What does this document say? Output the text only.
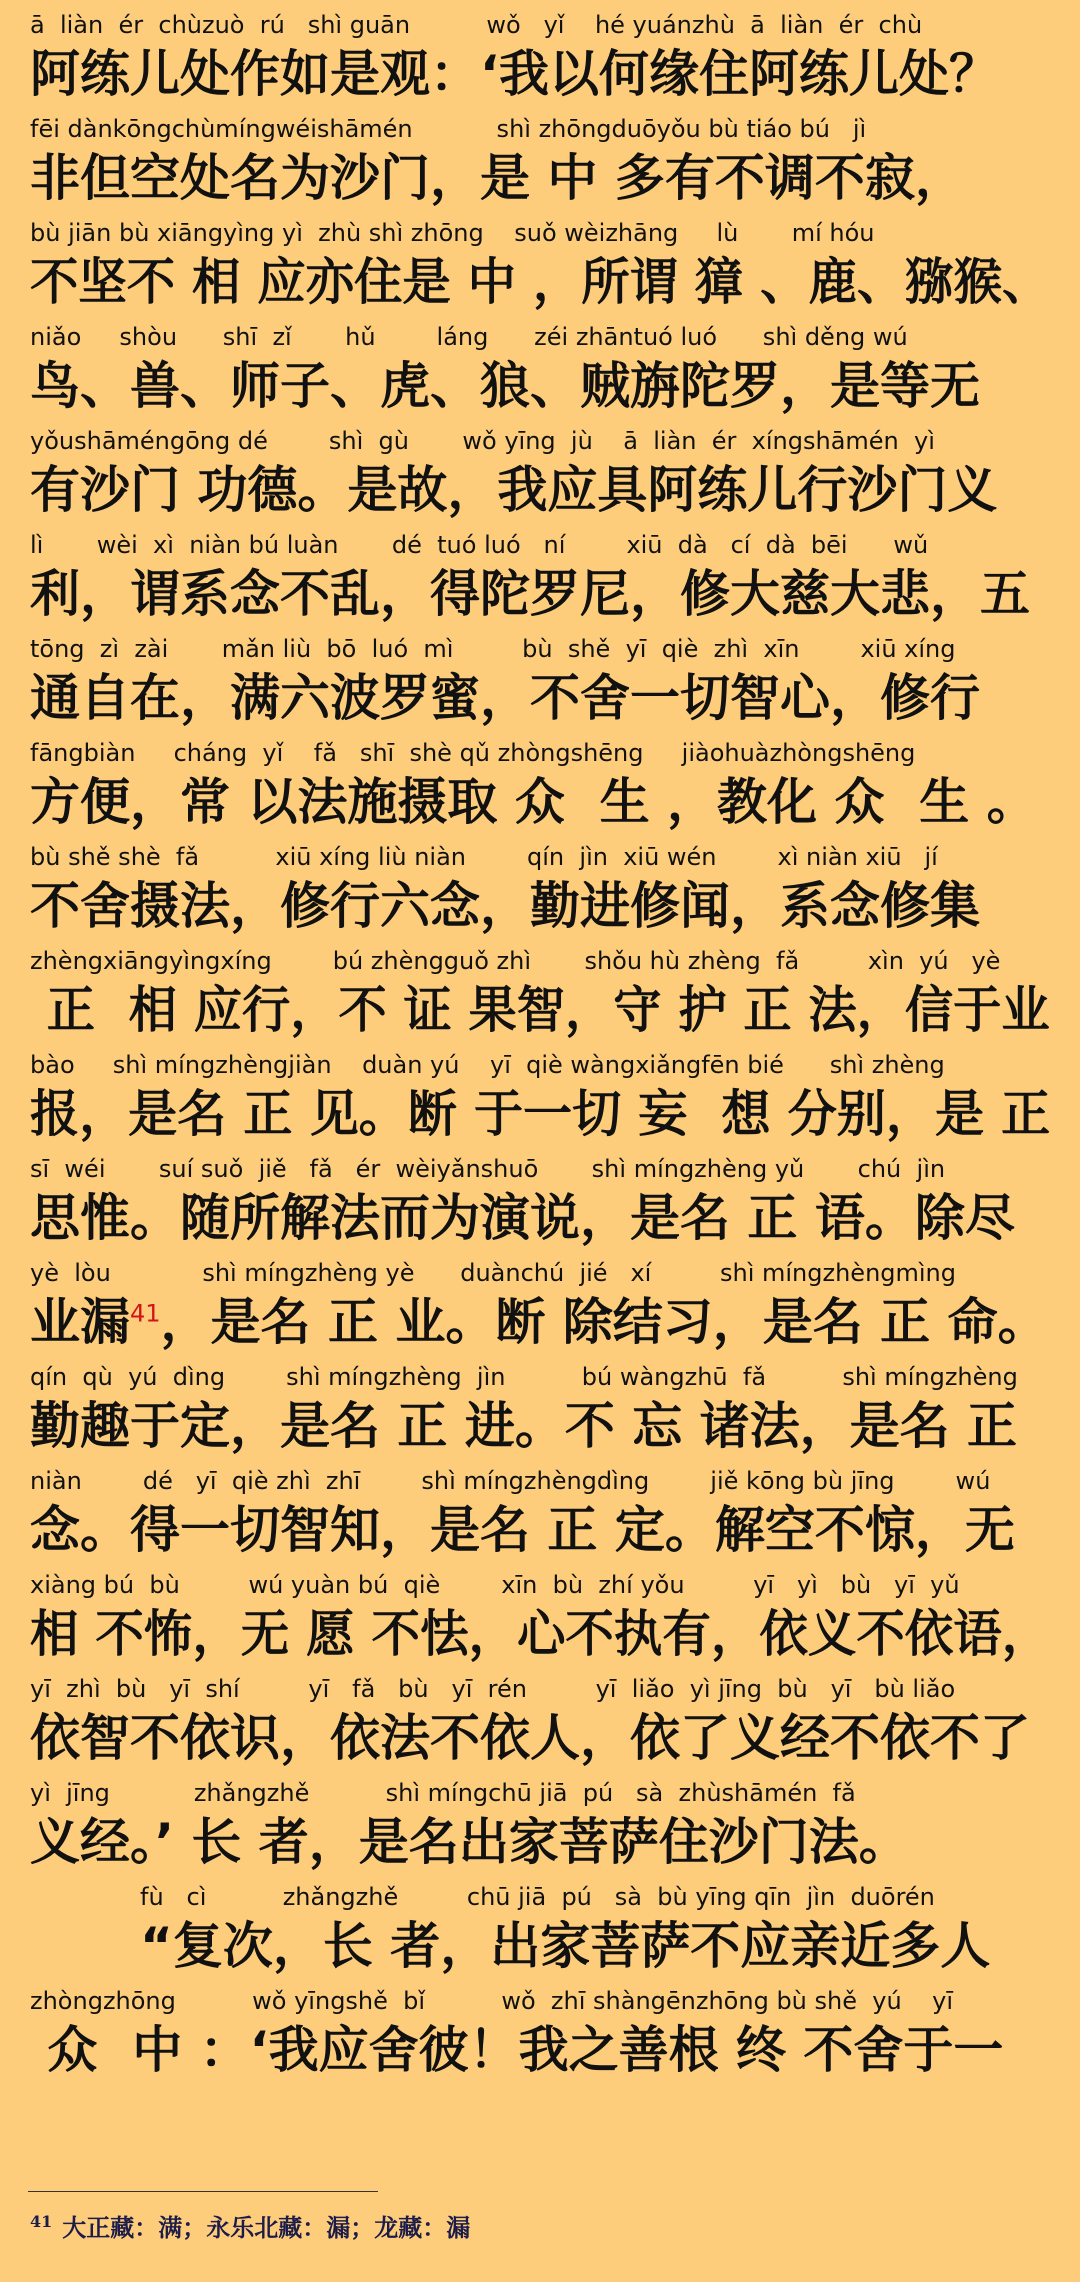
ā  liàn  ér  chùzuò  rú   shì guān          wǒ   yǐ    hé yuánzhù  ā  liàn  ér  chù
阿练儿处作如是观：‘我以何缘住阿练儿处？
fēi dànkōngchùmíngwéishāmén           shì zhōngduōyǒu bù tiáo bú   jì
非但空处名为沙门，是 中 多有不调不寂，
bù jiān bù xiāngyìng yì  zhù shì zhōng    suǒ wèizhāng     lù       mí hóu
不坚不 相 应亦住是 中 ，所谓 獐 、鹿、猕猴、
niǎo     shòu      shī  zǐ       hǔ        láng      zéi zhāntuó luó      shì děng wú
鸟、兽、师子、虎、狼、贼旃陀罗，是等无
yǒushāméngōng dé        shì  gù       wǒ yīng  jù    ā  liàn  ér  xíngshāmén  yì
有沙门 功德。是故，我应具阿练儿行沙门义
lì       wèi  xì  niàn bú luàn       dé  tuó luó   ní        xiū  dà   cí  dà  bēi      wǔ
利，谓系念不乱，得陀罗尼，修大慈大悲，五
tōng  zì  zài       mǎn liù  bō  luó  mì         bù  shě  yī  qiè  zhì  xīn        xiū xíng
通自在，满六波罗蜜，不舍一切智心，修行
fāngbiàn     cháng  yǐ    fǎ   shī  shè qǔ zhòngshēng     jiàohuàzhòngshēng
方便，常 以法施摄取 众  生 ，教化 众  生 。
bù shě shè  fǎ          xiū xíng liù niàn        qín  jìn  xiū wén        xì niàn xiū   jí
不舍摄法，修行六念，勤进修闻，系念修集
zhèngxiāngyìngxíng        bú zhèngguǒ zhì       shǒu hù zhèng  fǎ         xìn  yú   yè
正  相 应行，不 证 果智，守 护 正 法，信于业
bào     shì míngzhèngjiàn    duàn yú    yī  qiè wàngxiǎngfēn bié      shì zhèng
报，是名 正 见。断 于一切 妄  想 分别，是 正
sī  wéi       suí suǒ  jiě   fǎ   ér  wèiyǎnshuō       shì míngzhèng yǔ       chú  jìn
思惟。随所解法而为演说，是名 正 语。除尽
yè  lòu            shì míngzhèng yè      duànchú  jié   xí         shì míngzhèngmìng
业漏$^{41}$，是名 正 业。断 除结习，是名 正 命。
qín  qù  yú  dìng        shì míngzhèng  jìn          bú wàngzhū  fǎ          shì míngzhèng
勤趣于定，是名 正 进。不 忘 诸法，是名 正
niàn        dé   yī  qiè zhì  zhī        shì míngzhèngdìng        jiě kōng bù jīng        wú
念。得一切智知，是名 正 定。解空不惊，无
xiàng bú  bù         wú yuàn bú  qiè        xīn  bù  zhí yǒu         yī   yì   bù   yī  yǔ
相 不怖，无 愿 不怯，心不执有，依义不依语，
yī  zhì  bù   yī  shí         yī   fǎ   bù   yī  rén         yī  liǎo  yì jīng  bù   yī   bù liǎo
依智不依识，依法不依人，依了义经不依不了
yì  jīng           zhǎngzhě          shì míngchū jiā  pú   sà  zhùshāmén  fǎ
义经。’ 长 者，是名出家菩萨住沙门法。
fù   cì          zhǎngzhě         chū jiā  pú   sà  bù yīng qīn  jìn  duōrén
“复次，长 者，出家菩萨不应亲近多人
zhòngzhōng          wǒ yīngshě  bǐ          wǒ  zhī shàngēnzhōng bù shě  yú    yī
众  中 ：‘我应舍彼！我之善根 终 不舍于一
$^{41}$ 大正藏：满；永乐北藏：漏；龙藏：漏
